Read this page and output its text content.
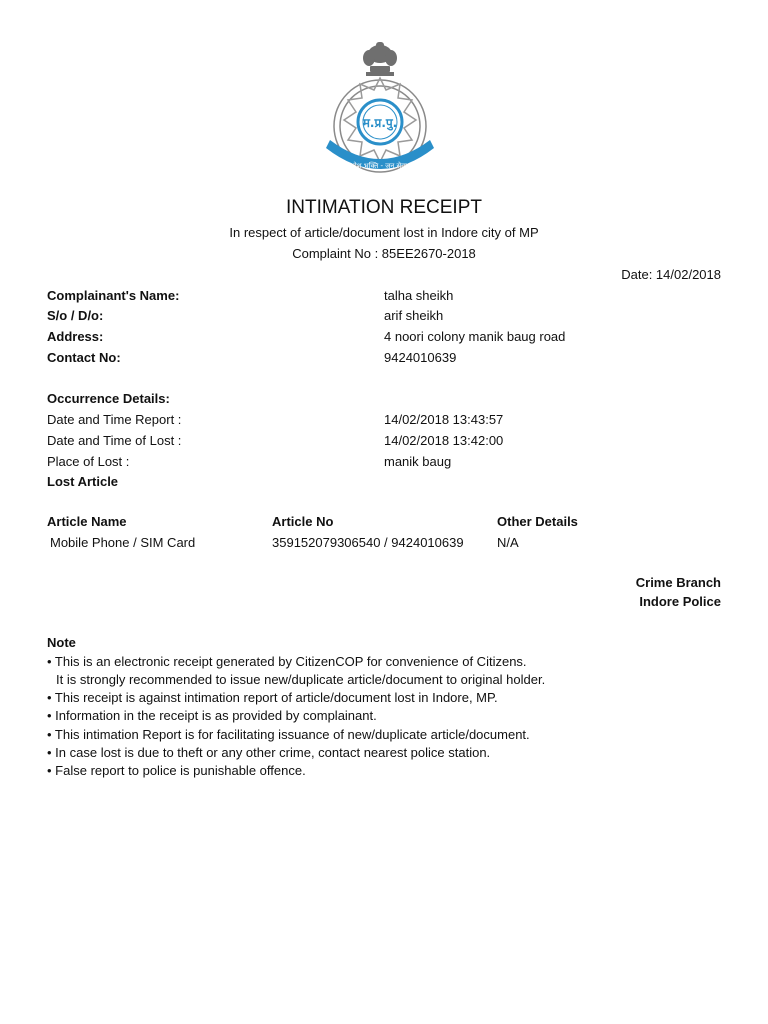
म.प्र.पु.
देश भक्ति - जन सेवा
INTIMATION RECEIPT
In respect of article/document lost in Indore city of MP
Complaint No : 85EE2670-2018
Date: 14/02/2018
Complainant's Name:	talha sheikh
S/o / D/o:	arif sheikh
Address:	4 noori colony manik baug road
Contact No:	9424010639
Occurrence Details:
Date and Time Report :	14/02/2018 13:43:57
Date and Time of Lost :	14/02/2018 13:42:00
Place of Lost :	manik baug
Lost Article
Article Name	Article No	Other Details
Mobile Phone / SIM Card	359152079306540 / 9424010639	N/A
Crime Branch
Indore Police
Note
• This is an electronic receipt generated by CitizenCOP for convenience of Citizens.
It is strongly recommended to issue new/duplicate article/document to original holder.
• This receipt is against intimation report of article/document lost in Indore, MP.
• Information in the receipt is as provided by complainant.
• This intimation Report is for facilitating issuance of new/duplicate article/document.
• In case lost is due to theft or any other crime, contact nearest police station.
• False report to police is punishable offence.
